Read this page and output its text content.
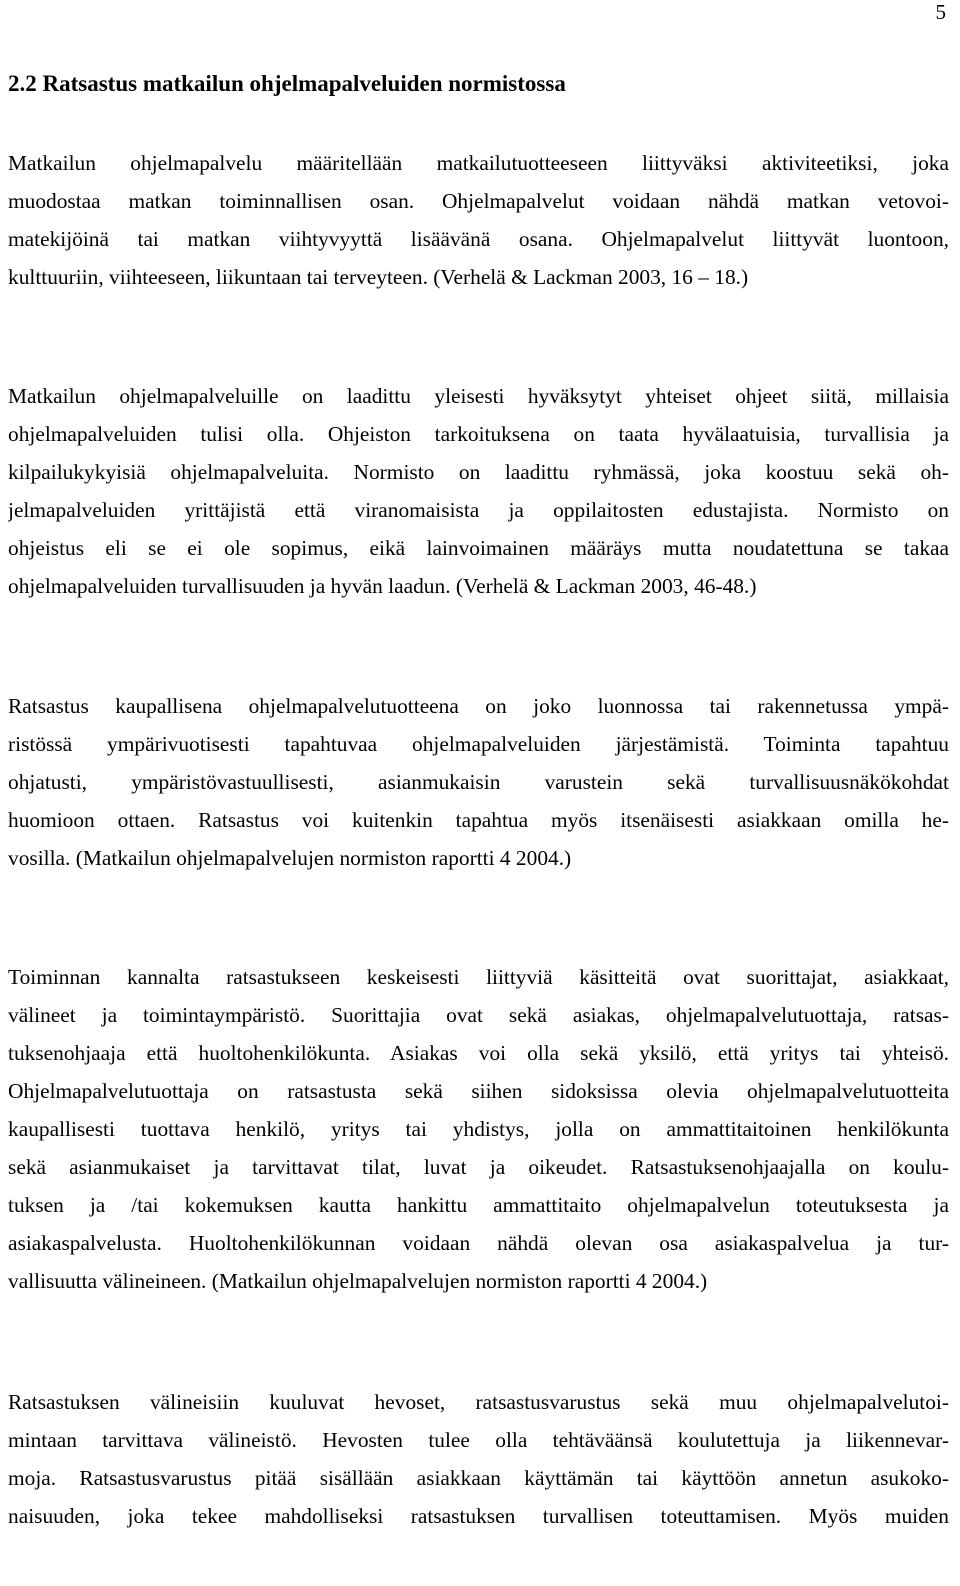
5
2.2 Ratsastus matkailun ohjelmapalveluiden normistossa
Matkailun ohjelmapalvelu määritellään matkailutuotteeseen liittyväksi aktiviteetiksi, joka
muodostaa matkan toiminnallisen osan. Ohjelmapalvelut voidaan nähdä matkan vetovoi-
matekijöinä tai matkan viihtyvyyttä lisäävänä osana. Ohjelmapalvelut liittyvät luontoon,
kulttuuriin, viihteeseen, liikuntaan tai terveyteen. (Verhelä & Lackman 2003, 16 – 18.)
Matkailun ohjelmapalveluille on laadittu yleisesti hyväksytyt yhteiset ohjeet siitä, millaisia
ohjelmapalveluiden tulisi olla. Ohjeiston tarkoituksena on taata hyvälaatuisia, turvallisia ja
kilpailukykyisiä ohjelmapalveluita. Normisto on laadittu ryhmässä, joka koostuu sekä oh-
jelmapalveluiden yrittäjistä että viranomaisista ja oppilaitosten edustajista. Normisto on
ohjeistus eli se ei ole sopimus, eikä lainvoimainen määräys mutta noudatettuna se takaa
ohjelmapalveluiden turvallisuuden ja hyvän laadun. (Verhelä & Lackman 2003, 46-48.)
Ratsastus kaupallisena ohjelmapalvelutuotteena on joko luonnossa tai rakennetussa ympä-
ristössä ympärivuotisesti tapahtuvaa ohjelmapalveluiden järjestämistä. Toiminta tapahtuu
ohjatusti, ympäristövastuullisesti, asianmukaisin varustein sekä turvallisuusnäkökohdat
huomioon ottaen. Ratsastus voi kuitenkin tapahtua myös itsenäisesti asiakkaan omilla he-
vosilla. (Matkailun ohjelmapalvelujen normiston raportti 4 2004.)
Toiminnan kannalta ratsastukseen keskeisesti liittyviä käsitteitä ovat suorittajat, asiakkaat,
välineet ja toimintaympäristö. Suorittajia ovat sekä asiakas, ohjelmapalvelutuottaja, ratsas-
tuksenohjaaja että huoltohenkilökunta. Asiakas voi olla sekä yksilö, että yritys tai yhteisö.
Ohjelmapalvelutuottaja on ratsastusta sekä siihen sidoksissa olevia ohjelmapalvelutuotteita
kaupallisesti tuottava henkilö, yritys tai yhdistys, jolla on ammattitaitoinen henkilökunta
sekä asianmukaiset ja tarvittavat tilat, luvat ja oikeudet. Ratsastuksenohjaajalla on koulu-
tuksen ja /tai kokemuksen kautta hankittu ammattitaito ohjelmapalvelun toteutuksesta ja
asiakaspalvelusta. Huoltohenkilökunnan voidaan nähdä olevan osa asiakaspalvelua ja tur-
vallisuutta välineineen. (Matkailun ohjelmapalvelujen normiston raportti 4 2004.)
Ratsastuksen välineisiin kuuluvat hevoset, ratsastusvarustus sekä muu ohjelmapalvelutoi-
mintaan tarvittava välineistö. Hevosten tulee olla tehtäväänsä koulutettuja ja liikennevar-
moja. Ratsastusvarustus pitää sisällään asiakkaan käyttämän tai käyttöön annetun asukoko-
naisuuden, joka tekee mahdolliseksi ratsastuksen turvallisen toteuttamisen. Myös muiden
